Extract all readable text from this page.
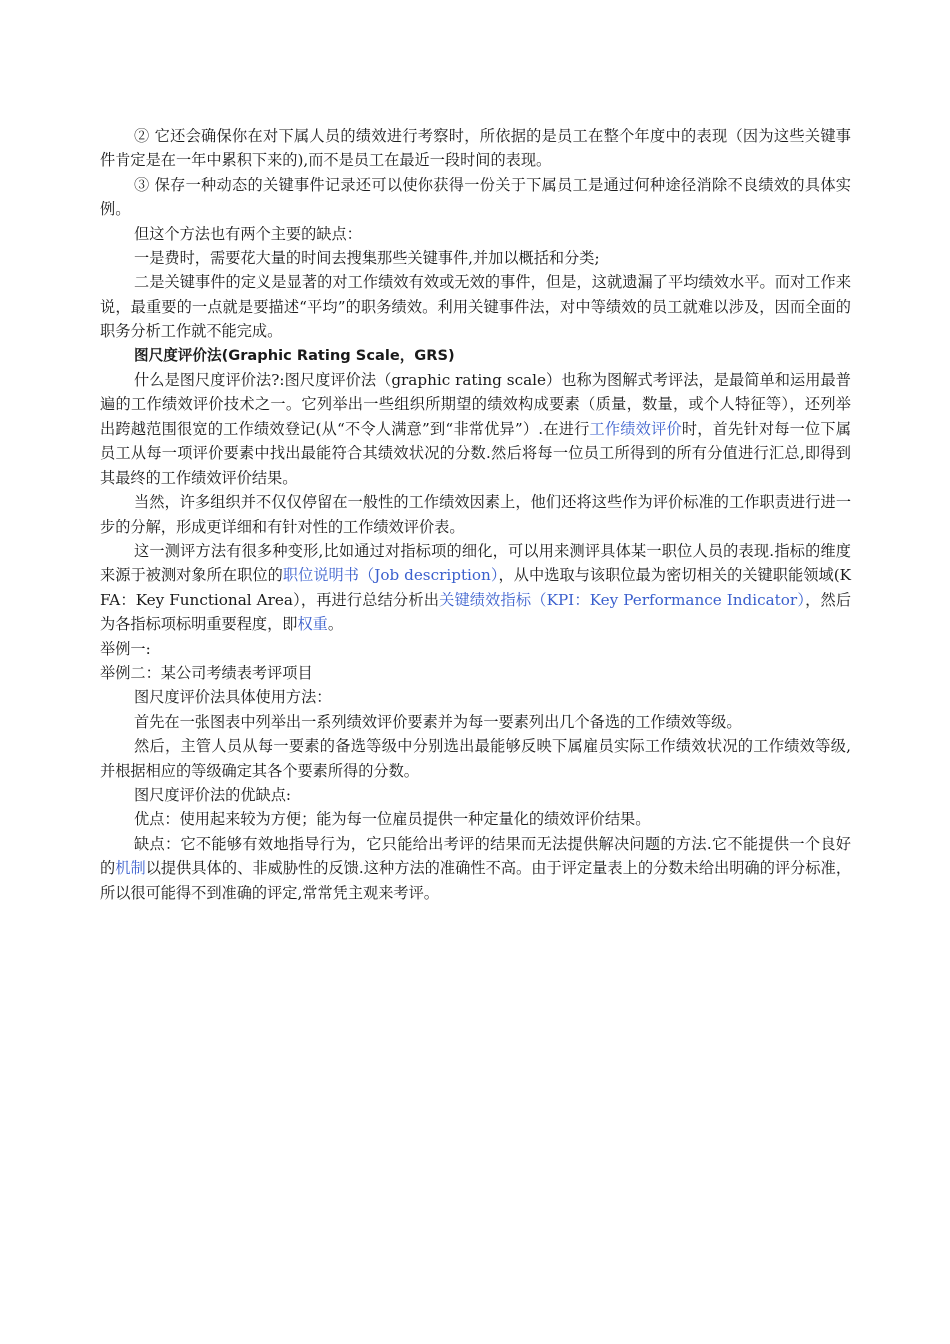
② 它还会确保你在对下属人员的绩效进行考察时，所依据的是员工在整个年度中的表现（因为这些关键事件肯定是在一年中累积下来的),而不是员工在最近一段时间的表现。

③ 保存一种动态的关键事件记录还可以使你获得一份关于下属员工是通过何种途径消除不良绩效的具体实例。

但这个方法也有两个主要的缺点：

一是费时，需要花大量的时间去搜集那些关键事件,并加以概括和分类;

二是关键事件的定义是显著的对工作绩效有效或无效的事件，但是，这就遗漏了平均绩效水平。而对工作来说，最重要的一点就是要描述“平均”的职务绩效。利用关键事件法，对中等绩效的员工就难以涉及，因而全面的职务分析工作就不能完成。

图尺度评价法(Graphic Rating Scale，GRS)

什么是图尺度评价法?:图尺度评价法（graphic rating scale）也称为图解式考评法，是最简单和运用最普遍的工作绩效评价技术之一。它列举出一些组织所期望的绩效构成要素（质量，数量，或个人特征等），还列举出跨越范围很宽的工作绩效登记(从“不令人满意”到“非常优异”）.在进行工作绩效评价时，首先针对每一位下属员工从每一项评价要素中找出最能符合其绩效状况的分数.然后将每一位员工所得到的所有分值进行汇总,即得到其最终的工作绩效评价结果。

当然，许多组织并不仅仅停留在一般性的工作绩效因素上，他们还将这些作为评价标准的工作职责进行进一步的分解，形成更详细和有针对性的工作绩效评价表。

这一测评方法有很多种变形,比如通过对指标项的细化，可以用来测评具体某一职位人员的表现.指标的维度来源于被测对象所在职位的职位说明书（Job description），从中选取与该职位最为密切相关的关键职能领域(KFA：Key Functional Area），再进行总结分析出关键绩效指标（KPI：Key Performance Indicator），然后为各指标项标明重要程度，即权重。

举例一:

举例二：某公司考绩表考评项目

图尺度评价法具体使用方法：

首先在一张图表中列举出一系列绩效评价要素并为每一要素列出几个备选的工作绩效等级。

然后，主管人员从每一要素的备选等级中分别选出最能够反映下属雇员实际工作绩效状况的工作绩效等级,并根据相应的等级确定其各个要素所得的分数。

图尺度评价法的优缺点:

优点：使用起来较为方便；能为每一位雇员提供一种定量化的绩效评价结果。

缺点：它不能够有效地指导行为，它只能给出考评的结果而无法提供解决问题的方法.它不能提供一个良好的机制以提供具体的、非威胁性的反馈.这种方法的准确性不高。由于评定量表上的分数未给出明确的评分标准，所以很可能得不到准确的评定,常常凭主观来考评。
